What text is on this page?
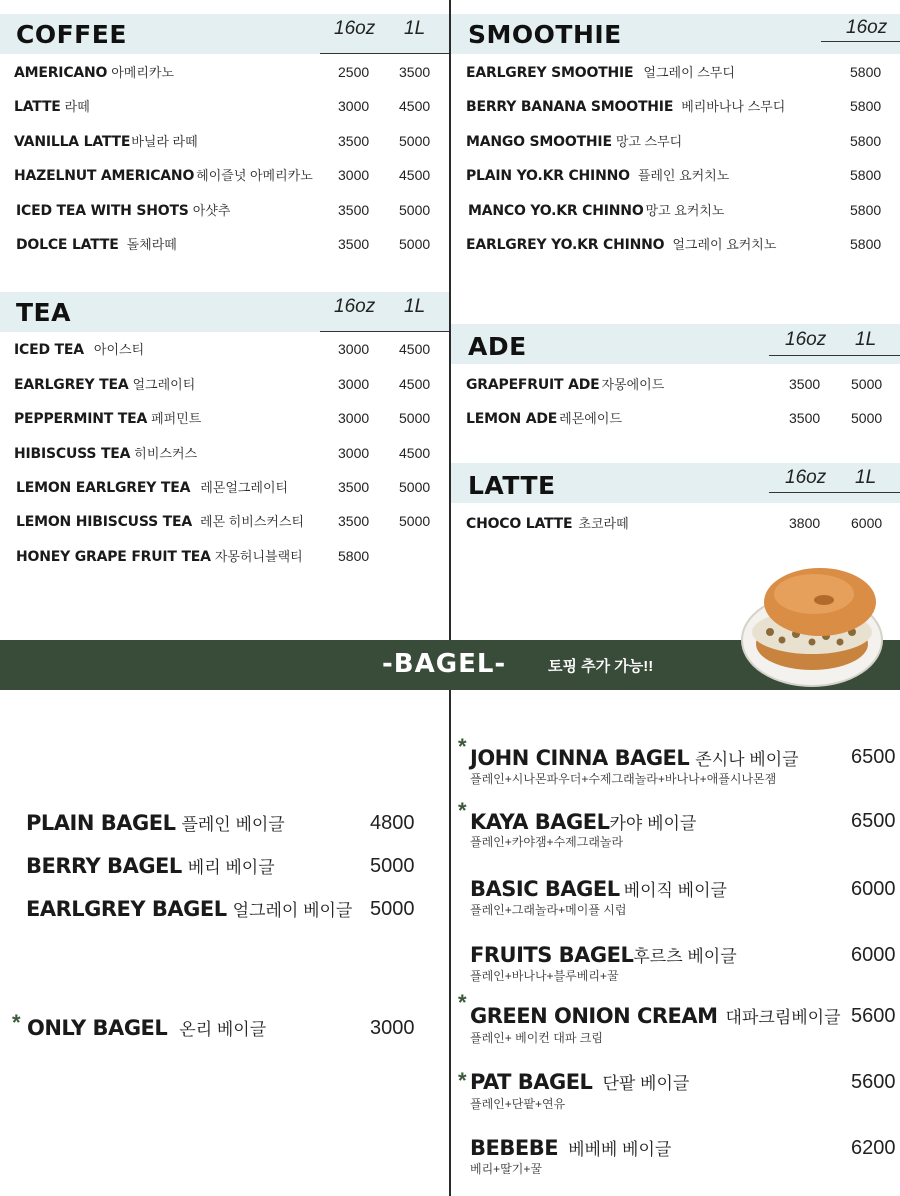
COFFEE	16oz 1L
AMERICANO 아메리카노	2500 3500
LATTE 라떼	3000 4500
VANILLA LATTE바닐라 라떼	3500 5000
HAZELNUT AMERICANO 헤이즐넛 아메리카노 3000 4500
ICED TEA WITH SHOTS 아샷추	3500 5000
DOLCE LATTE 돌체라떼	3500 5000
TEA	16oz 1L
ICED TEA 아이스티	3000 4500
EARLGREY TEA 얼그레이티	3000 4500
PEPPERMINT TEA 페퍼민트	3000 5000
HIBISCUSS TEA 히비스커스	3000 4500
LEMON EARLGREY TEA 레몬얼그레이티	3500 5000
LEMON HIBISCUSS TEA 레몬 히비스커스티 3500 5000
HONEY GRAPE FRUIT TEA 자몽허니블랙티	5800
SMOOTHIE	16oz
EARLGREY SMOOTHIE 얼그레이 스무디	5800
BERRY BANANA SMOOTHIE 베리바나나 스무디	5800
MANGO SMOOTHIE 망고 스무디	5800
PLAIN YO.KR CHINNO 플레인 요커치노	5800
MANCO YO.KR CHINNO 망고 요커치노	5800
EARLGREY YO.KR CHINNO 얼그레이 요커치노	5800
ADE	16oz 1L
GRAPEFRUIT ADE 자몽에이드	3500 5000
LEMON ADE 레몬에이드	3500 5000
LATTE	16oz 1L
CHOCO LATTE 초코라떼	3800 6000
-BAGEL-	토핑 추가 가능!!
PLAIN BAGEL 플레인 베이글	4800
BERRY BAGEL 베리 베이글	5000
EARLGREY BAGEL 얼그레이 베이글 5000
* ONLY BAGEL 온리 베이글	3000
* JOHN CINNA BAGEL 존시나 베이글
플레인+시나몬파우더+수제그래놀라+바나나+애플시나몬잼
6500
* KAYA BAGEL카야 베이글
플레인+카야잼+수제그래놀라
6500
BASIC BAGEL 베이직 베이글
플레인+그래놀라+메이플 시럽
6000
FRUITS BAGEL후르츠 베이글
플레인+바나나+블루베리+꿀
6000
*
GREEN ONION CREAM 대파크림베이글
플레인+ 베이컨 대파 크림
5600
* PAT BAGEL 단팥 베이글
플레인+단팥+연유
5600
BEBEBE 베베베 베이글
베리+딸기+꿀
6200
